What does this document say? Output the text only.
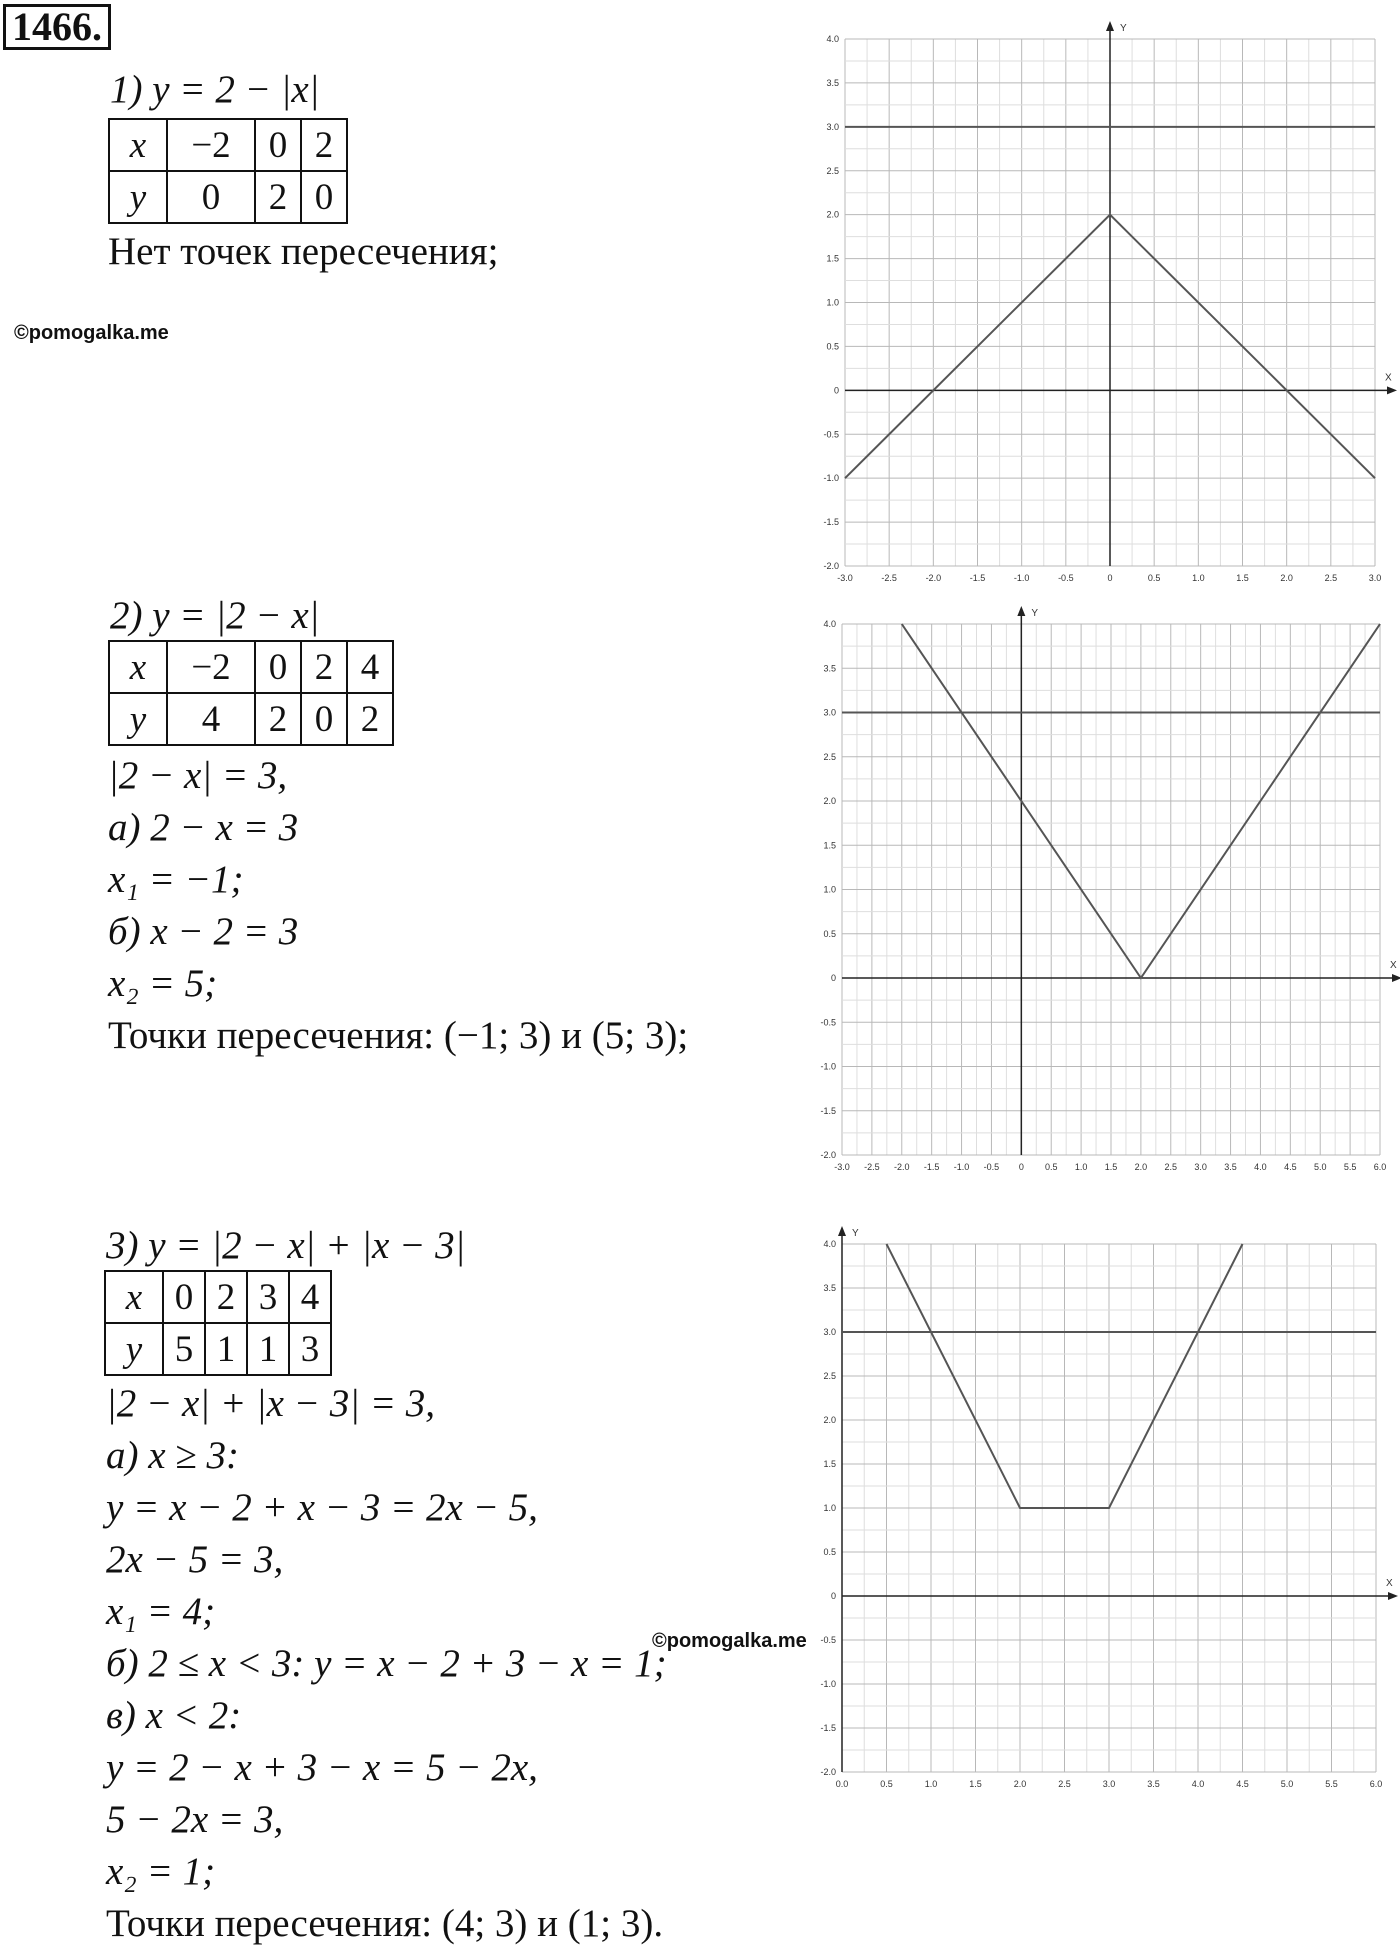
1466.
1) y = 2 − |x|
x	−2	0	2
y	0	2	0
Нет точек пересечения;
©pomogalka.me
2) y = |2 − x|
x	−2	0	2	4
y	4	2	0	2
|2 − x| = 3,
а) 2 − x = 3
x₁ = −1;
б) x − 2 = 3
x₂ = 5;
Точки пересечения: (−1; 3) и (5; 3);
3) y = |2 − x| + |x − 3|
x	0	2	3	4
y	5	1	1	3
|2 − x| + |x − 3| = 3,
а) x ≥ 3:
y = x − 2 + x − 3 = 2x − 5,
2x − 5 = 3,
x₁ = 4;
б) 2 ≤ x < 3: y = x − 2 + 3 − x = 1;
в) x < 2:
y = 2 − x + 3 − x = 5 − 2x,
5 − 2x = 3,
x₂ = 1;
Точки пересечения: (4; 3) и (1; 3).
©pomogalka.me
-3.0	-2.5	-2.0	-1.5	-1.0	-0.5	0	0.5	1.0	1.5	2.0	2.5	3.0
-2.0
-1.5
-1.0
-0.5
0
0.5
1.0
1.5
2.0
2.5
3.0
3.5
4.0
Y
X
-3.0 -2.5 -2.0 -1.5 -1.0 -0.5 0 0.5 1.0 1.5 2.0 2.5 3.0 3.5 4.0 4.5 5.0 5.5 6.0
-2.0
-1.5
-1.0
-0.5
0
0.5
1.0
1.5
2.0
2.5
3.0
3.5
4.0
Y
X
0.0	0.5	1.0	1.5	2.0	2.5	3.0	3.5	4.0	4.5	5.0	5.5	6.0
-2.0
-1.5
-1.0
-0.5
0
0.5
1.0
1.5
2.0
2.5
3.0
3.5
4.0
Y
X
